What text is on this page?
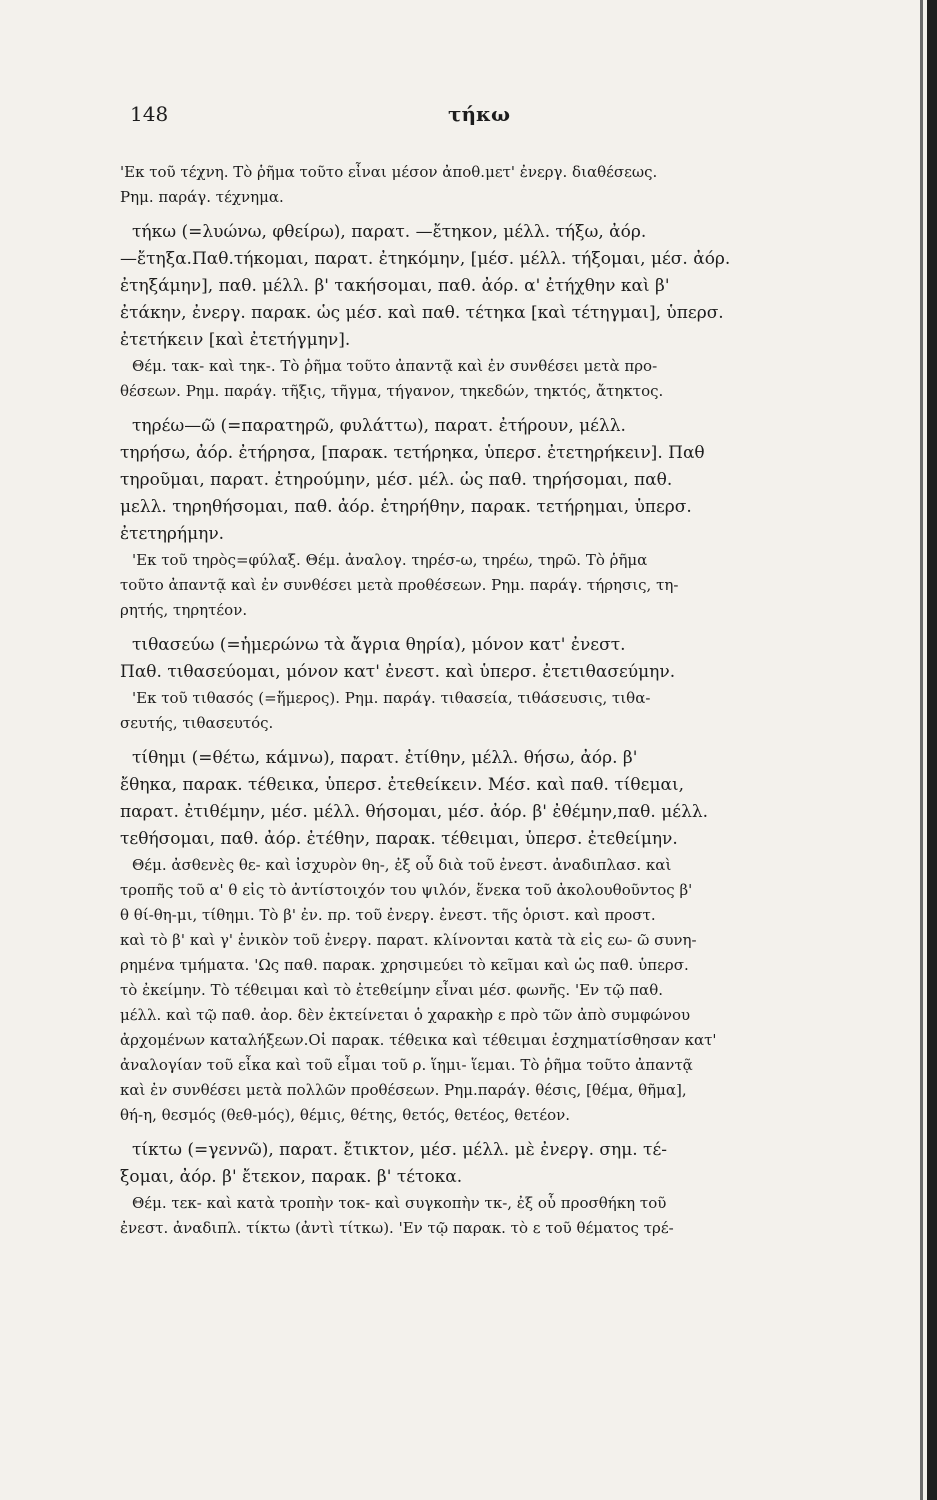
148	τήκω
'Εκ τοῦ τέχνη. Τὸ ῥῆμα τοῦτο εἶναι μέσον ἀποθ.μετ' ἐνεργ. διαθέσεως.
Ρημ. παράγ. τέχνημα.
τήκω (=λυώνω, φθείρω), παρατ. —ἔτηκον, μέλλ. τήξω, ἀόρ.
—ἔτηξα.Παθ.τήκομαι, παρατ. ἐτηκόμην, [μέσ. μέλλ. τήξομαι, μέσ. ἀόρ.
ἐτηξάμην], παθ. μέλλ. β' τακήσομαι, παθ. ἀόρ. α' ἐτήχθην καὶ β'
ἐτάκην, ἐνεργ. παρακ. ὡς μέσ. καὶ παθ. τέτηκα [καὶ τέτηγμαι], ὑπερσ.
ἐτετήκειν [καὶ ἐτετήγμην].
Θέμ. τακ- καὶ τηκ-. Τὸ ῥῆμα τοῦτο ἀπαντᾷ καὶ ἐν συνθέσει μετὰ προ-
θέσεων. Ρημ. παράγ. τῆξις, τῆγμα, τήγανον, τηκεδών, τηκτός, ἄτηκτος.
τηρέω—ῶ (=παρατηρῶ, φυλάττω), παρατ. ἐτήρουν, μέλλ.
τηρήσω, ἀόρ. ἐτήρησα, [παρακ. τετήρηκα, ὑπερσ. ἐτετηρήκειν]. Παθ
τηροῦμαι, παρατ. ἐτηρούμην, μέσ. μέλ. ὡς παθ. τηρήσομαι, παθ.
μελλ. τηρηθήσομαι, παθ. ἀόρ. ἐτηρήθην, παρακ. τετήρημαι, ὑπερσ.
ἐτετηρήμην.
'Εκ τοῦ τηρὸς=φύλαξ. Θέμ. ἀναλογ. τηρέσ-ω, τηρέω, τηρῶ. Τὸ ῥῆμα
τοῦτο ἀπαντᾷ καὶ ἐν συνθέσει μετὰ προθέσεων. Ρημ. παράγ. τήρησις, τη-
ρητής, τηρητέον.
τιθασεύω (=ἡμερώνω τὰ ἄγρια θηρία), μόνον κατ' ἐνεστ.
Παθ. τιθασεύομαι, μόνον κατ' ἐνεστ. καὶ ὑπερσ. ἐτετιθασεύμην.
'Εκ τοῦ τιθασός (=ἥμερος). Ρημ. παράγ. τιθασεία, τιθάσευσις, τιθα-
σευτής, τιθασευτός.
τίθημι (=θέτω, κάμνω), παρατ. ἐτίθην, μέλλ. θήσω, ἀόρ. β'
ἔθηκα, παρακ. τέθεικα, ὑπερσ. ἐτεθείκειν. Μέσ. καὶ παθ. τίθεμαι,
παρατ. ἐτιθέμην, μέσ. μέλλ. θήσομαι, μέσ. ἀόρ. β' ἐθέμην,παθ. μέλλ.
τεθήσομαι, παθ. ἀόρ. ἐτέθην, παρακ. τέθειμαι, ὑπερσ. ἐτεθείμην.
Θέμ. ἀσθενὲς θε- καὶ ἰσχυρὸν θη-, ἐξ οὗ διὰ τοῦ ἐνεστ. ἀναδιπλασ. καὶ
τροπῆς τοῦ α' θ εἰς τὸ ἀντίστοιχόν του ψιλόν, ἕνεκα τοῦ ἀκολουθοῦντος β'
θ θί-θη-μι, τίθημι. Τὸ β' ἐν. πρ. τοῦ ἐνεργ. ἐνεστ. τῆς ὁριστ. καὶ προστ.
καὶ τὸ β' καὶ γ' ἑνικὸν τοῦ ἐνεργ. παρατ. κλίνονται κατὰ τὰ εἰς εω- ῶ συνη-
ρημένα τμήματα. 'Ως παθ. παρακ. χρησιμεύει τὸ κεῖμαι καὶ ὡς παθ. ὑπερσ.
τὸ ἐκείμην. Τὸ τέθειμαι καὶ τὸ ἐτεθείμην εἶναι μέσ. φωνῆς. 'Εν τῷ παθ.
μέλλ. καὶ τῷ παθ. ἀορ. δὲν ἐκτείνεται ὁ χαρακὴρ ε πρὸ τῶν ἀπὸ συμφώνου
ἀρχομένων καταλήξεων.Οἱ παρακ. τέθεικα καὶ τέθειμαι ἐσχηματίσθησαν κατ'
ἀναλογίαν τοῦ εἶκα καὶ τοῦ εἶμαι τοῦ ρ. ἵημι- ἵεμαι. Τὸ ῥῆμα τοῦτο ἀπαντᾷ
καὶ ἐν συνθέσει μετὰ πολλῶν προθέσεων. Ρημ.παράγ. θέσις, [θέμα, θῆμα],
θή-η, θεσμός (θεθ-μός), θέμις, θέτης, θετός, θετέος, θετέον.
τίκτω (=γεννῶ), παρατ. ἔτικτον, μέσ. μέλλ. μὲ ἐνεργ. σημ. τέ-
ξομαι, ἀόρ. β' ἔτεκον, παρακ. β' τέτοκα.
Θέμ. τεκ- καὶ κατὰ τροπὴν τοκ- καὶ συγκοπὴν τκ-, ἐξ οὗ προσθήκη τοῦ
ἐνεστ. ἀναδιπλ. τίκτω (ἀντὶ τίτκω). 'Εν τῷ παρακ. τὸ ε τοῦ θέματος τρέ-
